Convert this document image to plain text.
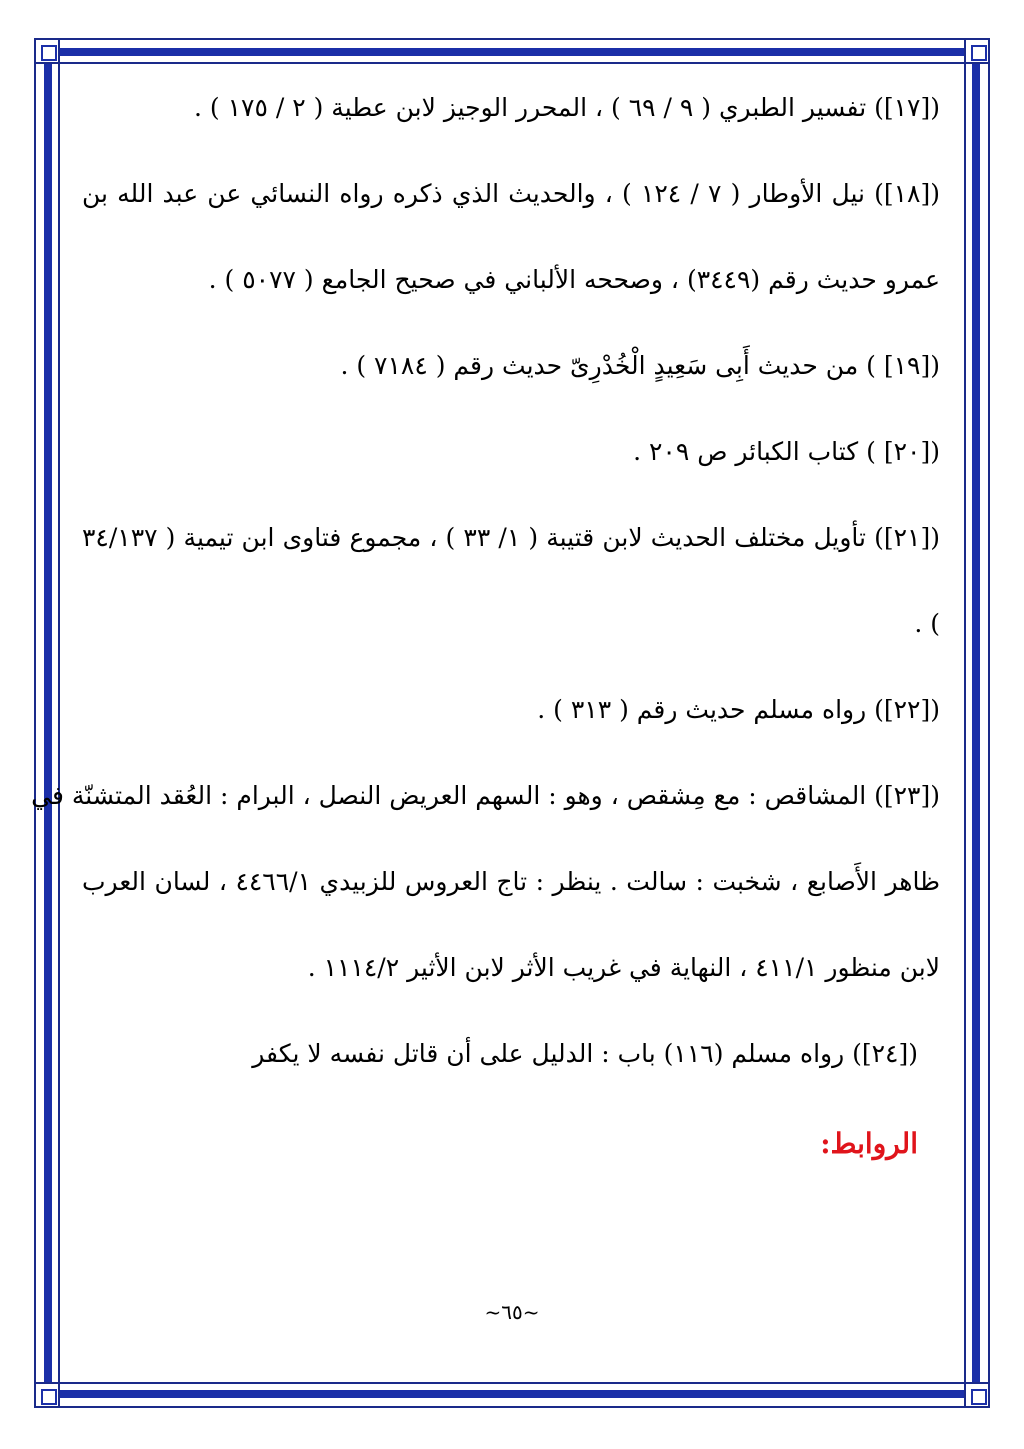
([١٧]) تفسير الطبري ( ٩ / ٦٩ ) ، المحرر الوجيز لابن عطية ( ٢ / ١٧٥ ) .
([١٨]) نيل الأوطار ( ٧ / ١٢٤ ) ، والحديث الذي ذكره رواه النسائي عن عبد الله بن
عمرو حديث رقم (٣٤٤٩) ، وصححه الألباني في صحيح الجامع ( ٥٠٧٧ ) .
([١٩] ) من حديث أَبِى سَعِيدٍ الْخُدْرِىّ حديث رقم ( ٧١٨٤ ) .
([٢٠] ) كتاب الكبائر ص ٢٠٩ .
([٢١]) تأويل مختلف الحديث لابن قتيبة ( ١/ ٣٣ ) ، مجموع فتاوى ابن تيمية ( ٣٤/١٣٧
) .
([٢٢]) رواه مسلم حديث رقم ( ٣١٣ ) .
([٢٣]) المشاقص : مع مِشقص ، وهو : السهم العريض النصل ، البرام : العُقد المتشنّة في
ظاهر الأَصابع ، شخبت : سالت . ينظر : تاج العروس للزبيدي ٤٤٦٦/١ ، لسان العرب
لابن منظور ٤١١/١ ، النهاية في غريب الأثر لابن الأثير ١١١٤/٢ .
([٢٤]) رواه مسلم (١١٦) باب : الدليل على أن قاتل نفسه لا يكفر
الروابط:
~٦٥~
